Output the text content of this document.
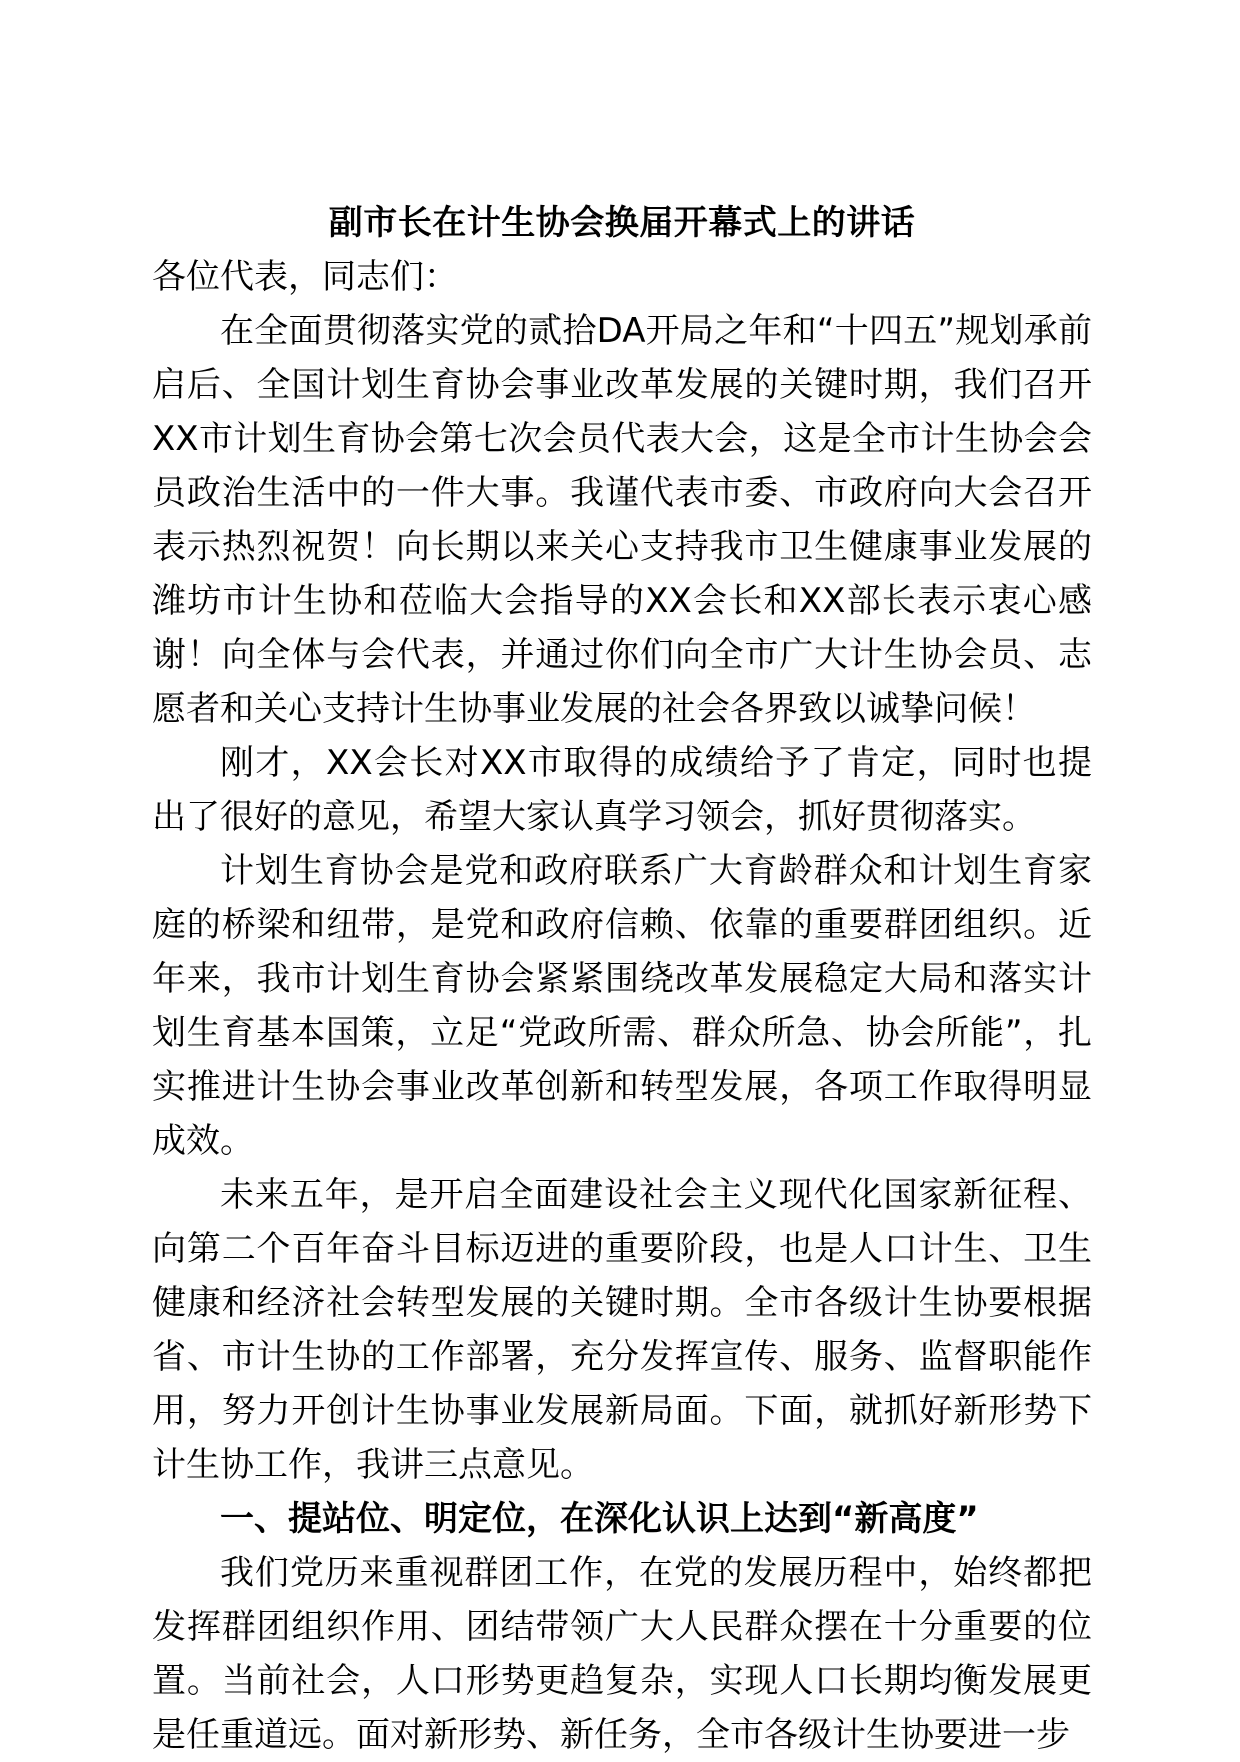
副市长在计生协会换届开幕式上的讲话

各位代表，同志们：

在全面贯彻落实党的贰拾DA开局之年和“十四五”规划承前启后、全国计划生育协会事业改革发展的关键时期，我们召开XX市计划生育协会第七次会员代表大会，这是全市计生协会会员政治生活中的一件大事。我谨代表市委、市政府向大会召开表示热烈祝贺！向长期以来关心支持我市卫生健康事业发展的潍坊市计生协和莅临大会指导的XX会长和XX部长表示衷心感谢！向全体与会代表，并通过你们向全市广大计生协会员、志愿者和关心支持计生协事业发展的社会各界致以诚挚问候！

刚才，XX会长对XX市取得的成绩给予了肯定，同时也提出了很好的意见，希望大家认真学习领会，抓好贯彻落实。

计划生育协会是党和政府联系广大育龄群众和计划生育家庭的桥梁和纽带，是党和政府信赖、依靠的重要群团组织。近年来，我市计划生育协会紧紧围绕改革发展稳定大局和落实计划生育基本国策，立足“党政所需、群众所急、协会所能”，扎实推进计生协会事业改革创新和转型发展，各项工作取得明显成效。

未来五年，是开启全面建设社会主义现代化国家新征程、向第二个百年奋斗目标迈进的重要阶段，也是人口计生、卫生健康和经济社会转型发展的关键时期。全市各级计生协要根据省、市计生协的工作部署，充分发挥宣传、服务、监督职能作用，努力开创计生协事业发展新局面。下面，就抓好新形势下计生协工作，我讲三点意见。

一、提站位、明定位，在深化认识上达到“新高度”

我们党历来重视群团工作，在党的发展历程中，始终都把发挥群团组织作用、团结带领广大人民群众摆在十分重要的位置。当前社会，人口形势更趋复杂，实现人口长期均衡发展更是任重道远。面对新形势、新任务，全市各级计生协要进一步
